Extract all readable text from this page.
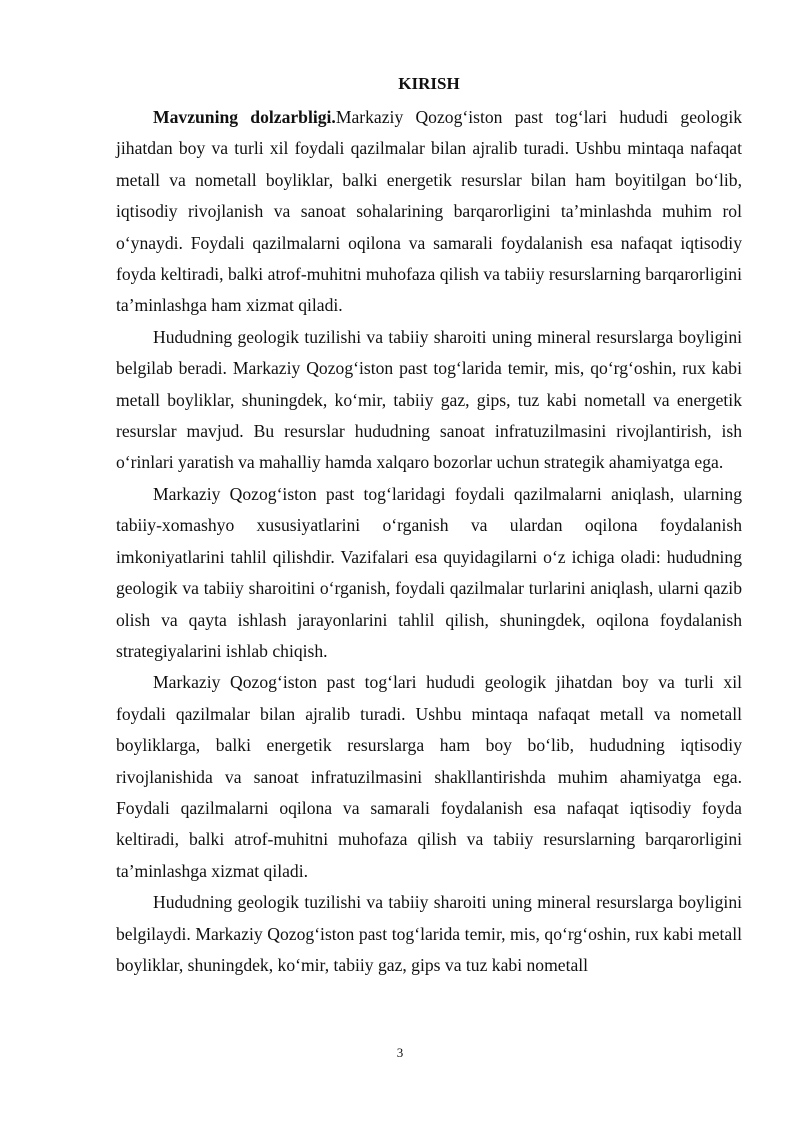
KIRISH

Mavzuning dolzarbligi.Markaziy Qozog‘iston past tog‘lari hududi geologik jihatdan boy va turli xil foydali qazilmalar bilan ajralib turadi. Ushbu mintaqa nafaqat metall va nometall boyliklar, balki energetik resurslar bilan ham boyitilgan bo‘lib, iqtisodiy rivojlanish va sanoat sohalarining barqarorligini ta’minlashda muhim rol o‘ynaydi. Foydali qazilmalarni oqilona va samarali foydalanish esa nafaqat iqtisodiy foyda keltiradi, balki atrof-muhitni muhofaza qilish va tabiiy resurslarning barqarorligini ta’minlashga ham xizmat qiladi.

Hududning geologik tuzilishi va tabiiy sharoiti uning mineral resurslarga boyligini belgilab beradi. Markaziy Qozog‘iston past tog‘larida temir, mis, qo‘rg‘oshin, rux kabi metall boyliklar, shuningdek, ko‘mir, tabiiy gaz, gips, tuz kabi nometall va energetik resurslar mavjud. Bu resurslar hududning sanoat infratuzilmasini rivojlantirish, ish o‘rinlari yaratish va mahalliy hamda xalqaro bozorlar uchun strategik ahamiyatga ega.

Markaziy Qozog‘iston past tog‘laridagi foydali qazilmalarni aniqlash, ularning tabiiy-xomashyo xususiyatlarini o‘rganish va ulardan oqilona foydalanish imkoniyatlarini tahlil qilishdir. Vazifalari esa quyidagilarni o‘z ichiga oladi: hududning geologik va tabiiy sharoitini o‘rganish, foydali qazilmalar turlarini aniqlash, ularni qazib olish va qayta ishlash jarayonlarini tahlil qilish, shuningdek, oqilona foydalanish strategiyalarini ishlab chiqish.

Markaziy Qozog‘iston past tog‘lari hududi geologik jihatdan boy va turli xil foydali qazilmalar bilan ajralib turadi. Ushbu mintaqa nafaqat metall va nometall boyliklarga, balki energetik resurslarga ham boy bo‘lib, hududning iqtisodiy rivojlanishida va sanoat infratuzilmasini shakllantirishda muhim ahamiyatga ega. Foydali qazilmalarni oqilona va samarali foydalanish esa nafaqat iqtisodiy foyda keltiradi, balki atrof-muhitni muhofaza qilish va tabiiy resurslarning barqarorligini ta’minlashga xizmat qiladi.

Hududning geologik tuzilishi va tabiiy sharoiti uning mineral resurslarga boyligini belgilaydi. Markaziy Qozog‘iston past tog‘larida temir, mis, qo‘rg‘oshin, rux kabi metall boyliklar, shuningdek, ko‘mir, tabiiy gaz, gips va tuz kabi nometall

3
